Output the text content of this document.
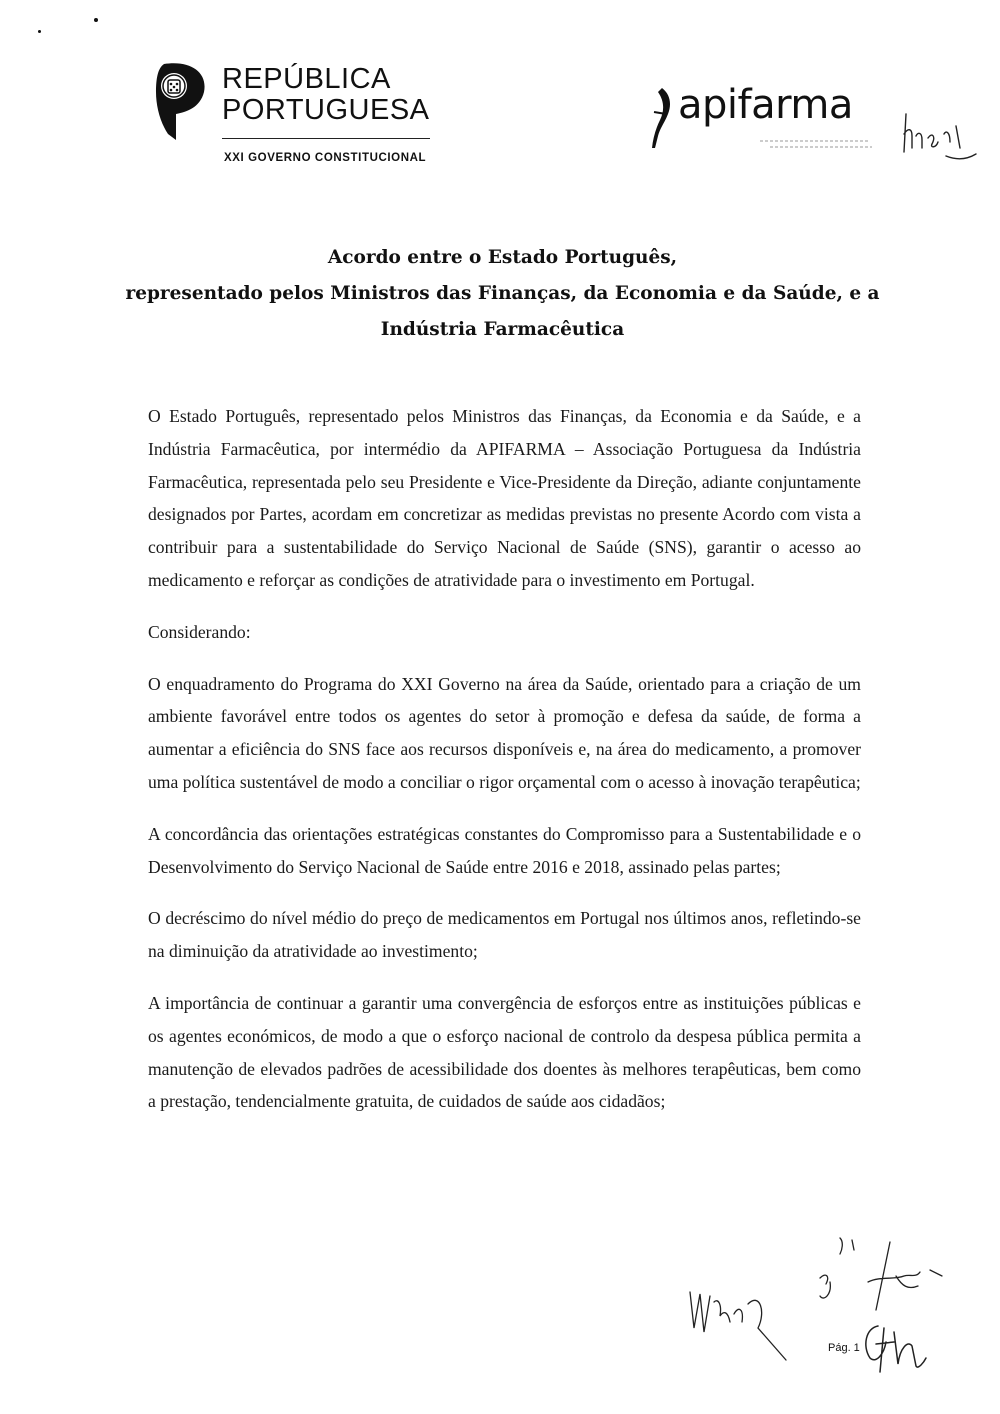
REPÚBLICA
PORTUGUESA
XXI GOVERNO CONSTITUCIONAL
apifarma
Acordo entre o Estado Português,
representado pelos Ministros das Finanças, da Economia e da Saúde, e a
Indústria Farmacêutica

O Estado Português, representado pelos Ministros das Finanças, da Economia e da Saúde, e a Indústria Farmacêutica, por intermédio da APIFARMA – Associação Portuguesa da Indústria Farmacêutica, representada pelo seu Presidente e Vice-Presidente da Direção, adiante conjuntamente designados por Partes, acordam em concretizar as medidas previstas no presente Acordo com vista a contribuir para a sustentabilidade do Serviço Nacional de Saúde (SNS), garantir o acesso ao medicamento e reforçar as condições de atratividade para o investimento em Portugal.

Considerando:

O enquadramento do Programa do XXI Governo na área da Saúde, orientado para a criação de um ambiente favorável entre todos os agentes do setor à promoção e defesa da saúde, de forma a aumentar a eficiência do SNS face aos recursos disponíveis e, na área do medicamento, a promover uma política sustentável de modo a conciliar o rigor orçamental com o acesso à inovação terapêutica;

A concordância das orientações estratégicas constantes do Compromisso para a Sustentabilidade e o Desenvolvimento do Serviço Nacional de Saúde entre 2016 e 2018, assinado pelas partes;

O decréscimo do nível médio do preço de medicamentos em Portugal nos últimos anos, refletindo-se na diminuição da atratividade ao investimento;

A importância de continuar a garantir uma convergência de esforços entre as instituições públicas e os agentes económicos, de modo a que o esforço nacional de controlo da despesa pública permita a manutenção de elevados padrões de acessibilidade dos doentes às melhores terapêuticas, bem como a prestação, tendencialmente gratuita, de cuidados de saúde aos cidadãos;

Pág. 1
